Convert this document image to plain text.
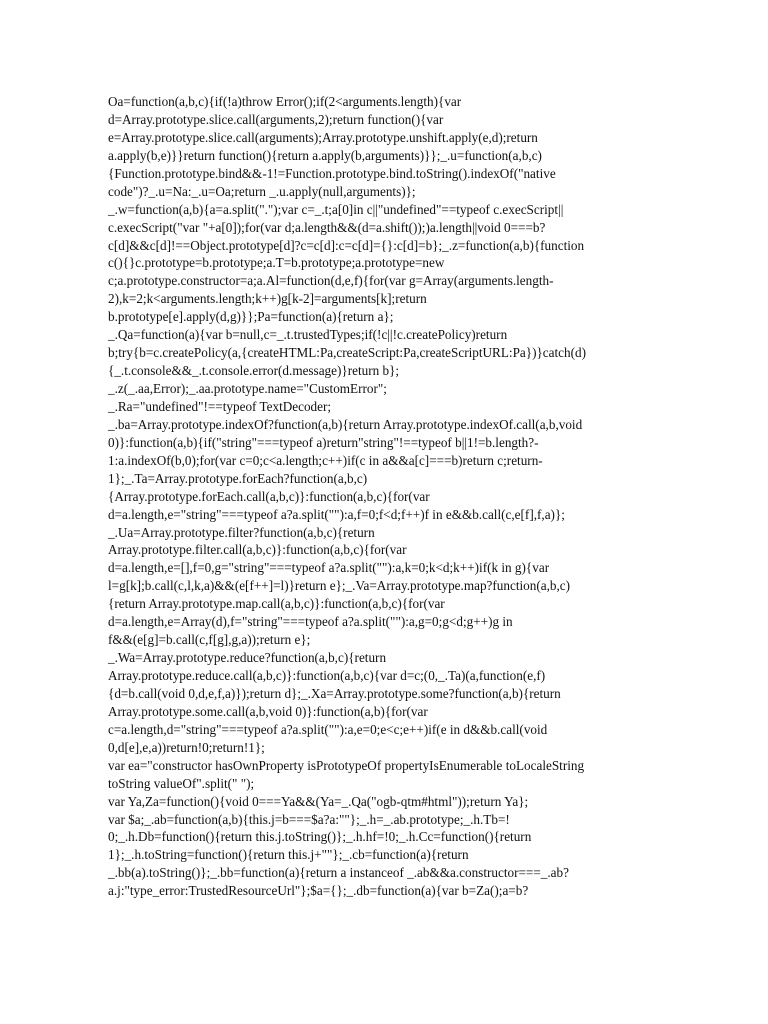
Oa=function(a,b,c){if(!a)throw Error();if(2<arguments.length){var
d=Array.prototype.slice.call(arguments,2);return function(){var
e=Array.prototype.slice.call(arguments);Array.prototype.unshift.apply(e,d);return
a.apply(b,e)}}return function(){return a.apply(b,arguments)}};_.u=function(a,b,c)
{Function.prototype.bind&&-1!=Function.prototype.bind.toString().indexOf("native
code")?_.u=Na:_.u=Oa;return _.u.apply(null,arguments)};
_.w=function(a,b){a=a.split(".");var c=_.t;a[0]in c||"undefined"==typeof c.execScript||
c.execScript("var "+a[0]);for(var d;a.length&&(d=a.shift());)a.length||void 0===b?
c[d]&&c[d]!==Object.prototype[d]?c=c[d]:c=c[d]={}:c[d]=b};_.z=function(a,b){function
c(){}c.prototype=b.prototype;a.T=b.prototype;a.prototype=new
c;a.prototype.constructor=a;a.Al=function(d,e,f){for(var g=Array(arguments.length-
2),k=2;k<arguments.length;k++)g[k-2]=arguments[k];return
b.prototype[e].apply(d,g)}};Pa=function(a){return a};
_.Qa=function(a){var b=null,c=_.t.trustedTypes;if(!c||!c.createPolicy)return
b;try{b=c.createPolicy(a,{createHTML:Pa,createScript:Pa,createScriptURL:Pa})}catch(d)
{_.t.console&&_.t.console.error(d.message)}return b};
_.z(_.aa,Error);_.aa.prototype.name="CustomError";
_.Ra="undefined"!==typeof TextDecoder;
_.ba=Array.prototype.indexOf?function(a,b){return Array.prototype.indexOf.call(a,b,void
0)}:function(a,b){if("string"===typeof a)return"string"!==typeof b||1!=b.length?-
1:a.indexOf(b,0);for(var c=0;c<a.length;c++)if(c in a&&a[c]===b)return c;return-
1};_.Ta=Array.prototype.forEach?function(a,b,c)
{Array.prototype.forEach.call(a,b,c)}:function(a,b,c){for(var
d=a.length,e="string"===typeof a?a.split(""):a,f=0;f<d;f++)f in e&&b.call(c,e[f],f,a)};
_.Ua=Array.prototype.filter?function(a,b,c){return
Array.prototype.filter.call(a,b,c)}:function(a,b,c){for(var
d=a.length,e=[],f=0,g="string"===typeof a?a.split(""):a,k=0;k<d;k++)if(k in g){var
l=g[k];b.call(c,l,k,a)&&(e[f++]=l)}return e};_.Va=Array.prototype.map?function(a,b,c)
{return Array.prototype.map.call(a,b,c)}:function(a,b,c){for(var
d=a.length,e=Array(d),f="string"===typeof a?a.split(""):a,g=0;g<d;g++)g in
f&&(e[g]=b.call(c,f[g],g,a));return e};
_.Wa=Array.prototype.reduce?function(a,b,c){return
Array.prototype.reduce.call(a,b,c)}:function(a,b,c){var d=c;(0,_.Ta)(a,function(e,f)
{d=b.call(void 0,d,e,f,a)});return d};_.Xa=Array.prototype.some?function(a,b){return
Array.prototype.some.call(a,b,void 0)}:function(a,b){for(var
c=a.length,d="string"===typeof a?a.split(""):a,e=0;e<c;e++)if(e in d&&b.call(void
0,d[e],e,a))return!0;return!1};
var ea="constructor hasOwnProperty isPrototypeOf propertyIsEnumerable toLocaleString
toString valueOf".split(" ");
var Ya,Za=function(){void 0===Ya&&(Ya=_.Qa("ogb-qtm#html"));return Ya};
var $a;_.ab=function(a,b){this.j=b===$a?a:""};_.h=_.ab.prototype;_.h.Tb=!
0;_.h.Db=function(){return this.j.toString()};_.h.hf=!0;_.h.Cc=function(){return
1};_.h.toString=function(){return this.j+""};_.cb=function(a){return
_.bb(a).toString()};_.bb=function(a){return a instanceof _.ab&&a.constructor===_.ab?
a.j:"type_error:TrustedResourceUrl"};$a={};_.db=function(a){var b=Za();a=b?
